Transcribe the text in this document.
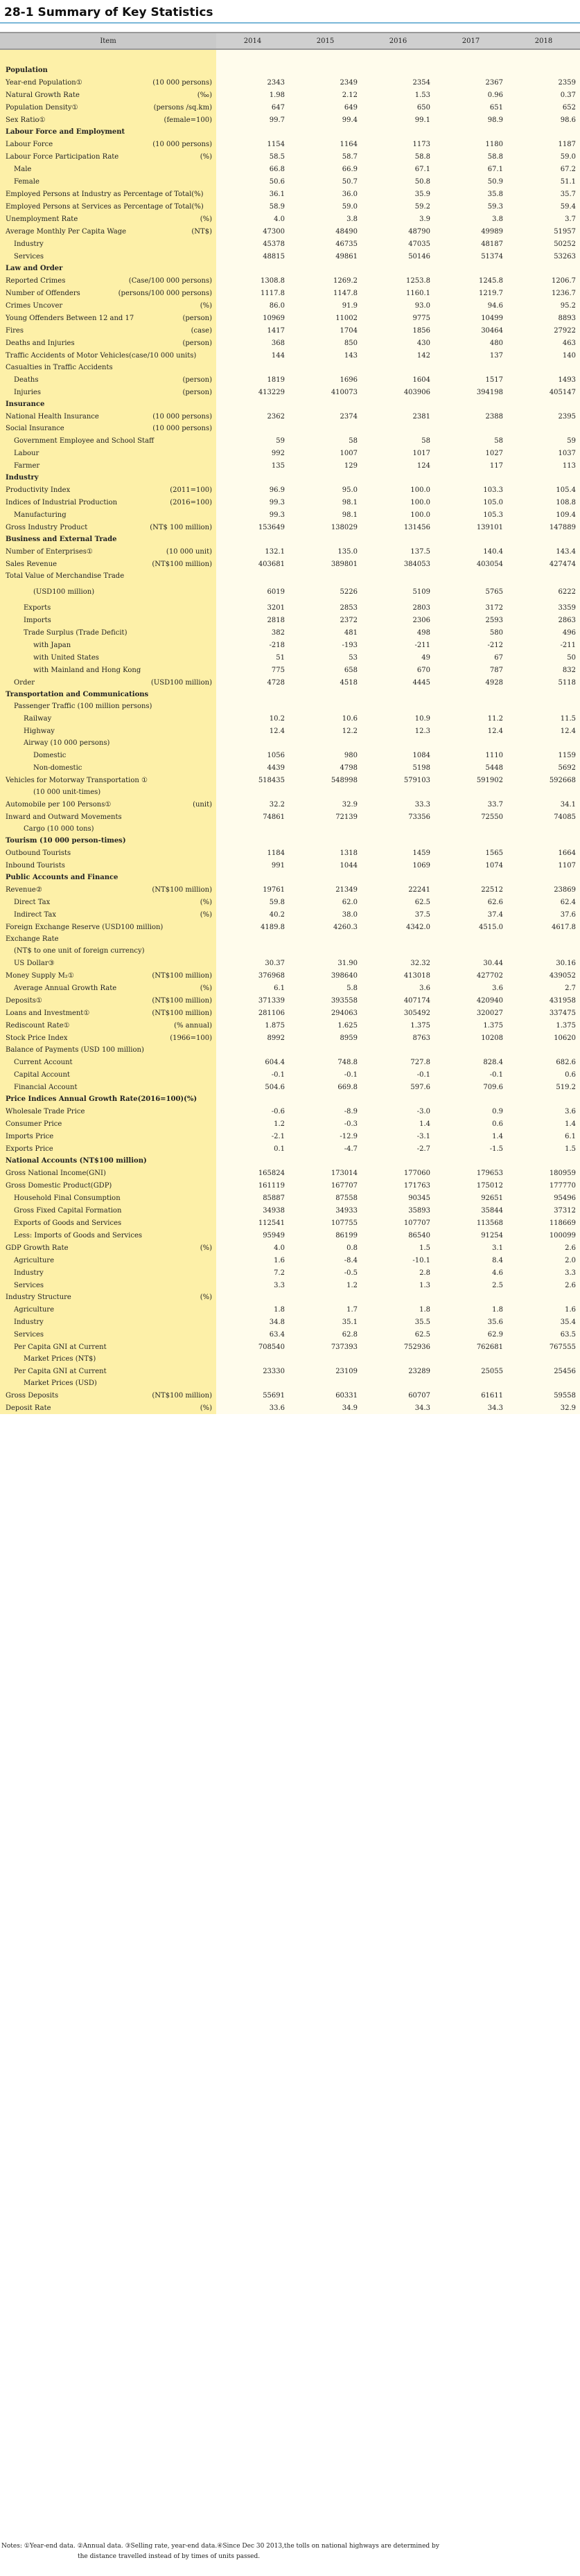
28-1 Summary of Key Statistics
Item	2014	2015	2016	2017	2018

Population					
Year-end Population① (10 000 persons)	2343	2349	2354	2367	2359
Natural Growth Rate (‰)	1.98	2.12	1.53	0.96	0.37
Population Density① (persons /sq.km)	647	649	650	651	652
Sex Ratio① (female=100)	99.7	99.4	99.1	98.9	98.6
Labour Force and Employment					
Labour Force (10 000 persons)	1154	1164	1173	1180	1187
Labour Force Participation Rate (%)	58.5	58.7	58.8	58.8	59.0
Male	66.8	66.9	67.1	67.1	67.2
Female	50.6	50.7	50.8	50.9	51.1
Employed Persons at Industry as Percentage of Total(%)	36.1	36.0	35.9	35.8	35.7
Employed Persons at Services as Percentage of Total(%)	58.9	59.0	59.2	59.3	59.4
Unemployment Rate (%)	4.0	3.8	3.9	3.8	3.7
Average Monthly Per Capita Wage (NT$)	47300	48490	48790	49989	51957
Industry	45378	46735	47035	48187	50252
Services	48815	49861	50146	51374	53263
Law and Order					
Reported Crimes (Case/100 000 persons)	1308.8	1269.2	1253.8	1245.8	1206.7
Number of Offenders (persons/100 000 persons)	1117.8	1147.8	1160.1	1219.7	1236.7
Crimes Uncover (%)	86.0	91.9	93.0	94.6	95.2
Young Offenders Between 12 and 17 (person)	10969	11002	9775	10499	8893
Fires (case)	1417	1704	1856	30464	27922
Deaths and Injuries (person)	368	850	430	480	463
Traffic Accidents of Motor Vehicles(case/10 000 units)	144	143	142	137	140
Casualties in Traffic Accidents					
Deaths (person)	1819	1696	1604	1517	1493
Injuries (person)	413229	410073	403906	394198	405147
Insurance					
National Health Insurance (10 000 persons)	2362	2374	2381	2388	2395
Social Insurance (10 000 persons)					

Government Employee and School Staff	59	58	58	58	59
Labour	992	1007	1017	1027	1037
Farmer	135	129	124	117	113
Industry					
Productivity Index (2011=100)	96.9	95.0	100.0	103.3	105.4
Indices of Industrial Production (2016=100)	99.3	98.1	100.0	105.0	108.8
Manufacturing	99.3	98.1	100.0	105.3	109.4
Gross Industry Product (NT$ 100 million)	153649	138029	131456	139101	147889
Business and External Trade					
Number of Enterprises① (10 000 unit)	132.1	135.0	137.5	140.4	143.4
Sales Revenue (NT$100 million)	403681	389801	384053	403054	427474
Total Value of Merchandise Trade					
(USD100 million)	6019	5226	5109	5765	6222
Exports	3201	2853	2803	3172	3359
Imports	2818	2372	2306	2593	2863
Trade Surplus (Trade Deficit)	382	481	498	580	496
with Japan	-218	-193	-211	-212	-211
with United States	51	53	49	67	50
with Mainland and Hong Kong	775	658	670	787	832
Order (USD100 million)	4728	4518	4445	4928	5118
Transportation and Communications					
Passenger Traffic (100 million persons)					
Railway	10.2	10.6	10.9	11.2	11.5
Highway	12.4	12.2	12.3	12.4	12.4
Airway (10 000 persons)					
Domestic	1056	980	1084	1110	1159
Non-domestic	4439	4798	5198	5448	5692
Vehicles for Motorway Transportation ①	518435	548998	579103	591902	592668
(10 000 unit-times)					
Automobile per 100 Persons① (unit)	32.2	32.9	33.3	33.7	34.1
Inward and Outward Movements	74861	72139	73356	72550	74085
Cargo (10 000 tons)					
Tourism (10 000 person-times)					
Outbound Tourists	1184	1318	1459	1565	1664
Inbound Tourists	991	1044	1069	1074	1107
Public Accounts and Finance					
Revenue② (NT$100 million)	19761	21349	22241	22512	23869
Direct Tax (%)	59.8	62.0	62.5	62.6	62.4
Indirect Tax (%)	40.2	38.0	37.5	37.4	37.6
Foreign Exchange Reserve (USD100 million)	4189.8	4260.3	4342.0	4515.0	4617.8
Exchange Rate					
(NT$ to one unit of foreign currency)					
US Dollar③	30.37	31.90	32.32	30.44	30.16
Money Supply M₂① (NT$100 million)	376968	398640	413018	427702	439052
Average Annual Growth Rate (%)	6.1	5.8	3.6	3.6	2.7
Deposits① (NT$100 million)	371339	393558	407174	420940	431958
Loans and Investment① (NT$100 million)	281106	294063	305492	320027	337475
Rediscount Rate① (% annual)	1.875	1.625	1.375	1.375	1.375
Stock Price Index (1966=100)	8992	8959	8763	10208	10620
Balance of Payments (USD 100 million)					
Current Account	604.4	748.8	727.8	828.4	682.6
Capital Account	-0.1	-0.1	-0.1	-0.1	0.6
Financial Account	504.6	669.8	597.6	709.6	519.2
Price Indices Annual Growth Rate(2016=100)(%)					
Wholesale Trade Price	-0.6	-8.9	-3.0	0.9	3.6
Consumer Price	1.2	-0.3	1.4	0.6	1.4
Imports Price	-2.1	-12.9	-3.1	1.4	6.1
Exports Price	0.1	-4.7	-2.7	-1.5	1.5
National Accounts (NT$100 million)					
Gross National Income(GNI)	165824	173014	177060	179653	180959
Gross Domestic Product(GDP)	161119	167707	171763	175012	177770
Household Final Consumption	85887	87558	90345	92651	95496
Gross Fixed Capital Formation	34938	34933	35893	35844	37312
Exports of Goods and Services	112541	107755	107707	113568	118669
Less: Imports of Goods and Services	95949	86199	86540	91254	100099
GDP Growth Rate (%)	4.0	0.8	1.5	3.1	2.6
Agriculture	1.6	-8.4	-10.1	8.4	2.0
Industry	7.2	-0.5	2.8	4.6	3.3
Services	3.3	1.2	1.3	2.5	2.6
Industry Structure (%)					

Agriculture	1.8	1.7	1.8	1.8	1.6
Industry	34.8	35.1	35.5	35.6	35.4
Services	63.4	62.8	62.5	62.9	63.5
Per Capita GNI at Current	708540	737393	752936	762681	767555
Market Prices (NT$)					
Per Capita GNI at Current	23330	23109	23289	25055	25456
Market Prices (USD)					
Gross Deposits (NT$100 million)	55691	60331	60707	61611	59558
Deposit Rate (%)	33.6	34.9	34.3	34.3	32.9
Notes: ①Year-end data. ②Annual data. ③Selling rate, year-end data.④Since Dec 30 2013,the tolls on national highways are determined by
the distance travelled instead of by times of units passed.
